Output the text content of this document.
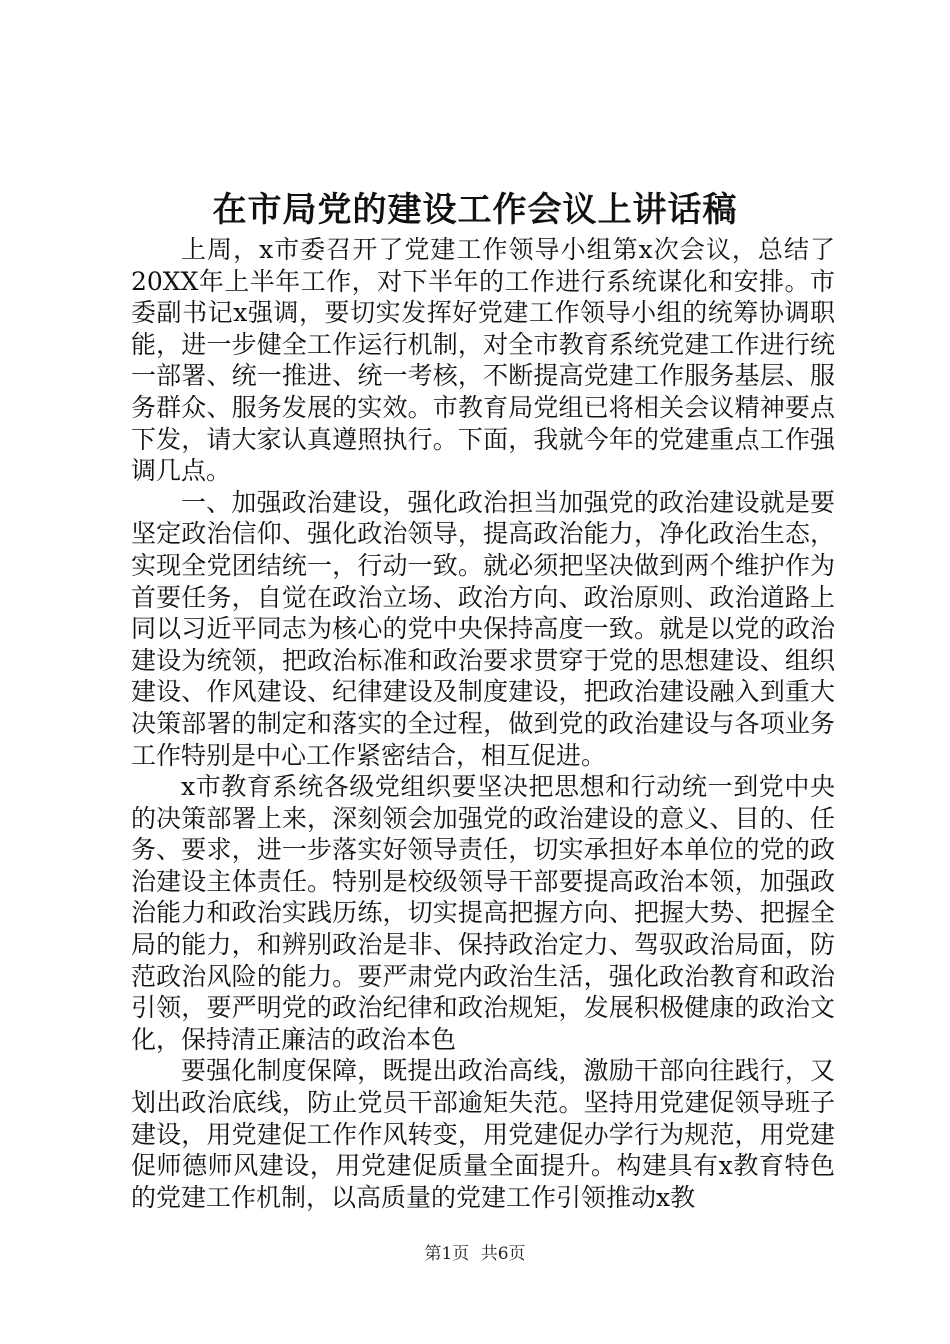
在市局党的建设工作会议上讲话稿

上周，x市委召开了党建工作领导小组第x次会议，总结了20XX年上半年工作，对下半年的工作进行系统谋化和安排。市委副书记x强调，要切实发挥好党建工作领导小组的统筹协调职能，进一步健全工作运行机制，对全市教育系统党建工作进行统一部署、统一推进、统一考核，不断提高党建工作服务基层、服务群众、服务发展的实效。市教育局党组已将相关会议精神要点下发，请大家认真遵照执行。下面，我就今年的党建重点工作强调几点。

一、加强政治建设，强化政治担当加强党的政治建设就是要坚定政治信仰、强化政治领导，提高政治能力，净化政治生态，实现全党团结统一，行动一致。就必须把坚决做到两个维护作为首要任务，自觉在政治立场、政治方向、政治原则、政治道路上同以习近平同志为核心的党中央保持高度一致。就是以党的政治建设为统领，把政治标准和政治要求贯穿于党的思想建设、组织建设、作风建设、纪律建设及制度建设，把政治建设融入到重大决策部署的制定和落实的全过程，做到党的政治建设与各项业务工作特别是中心工作紧密结合，相互促进。

x市教育系统各级党组织要坚决把思想和行动统一到党中央的决策部署上来，深刻领会加强党的政治建设的意义、目的、任务、要求，进一步落实好领导责任，切实承担好本单位的党的政治建设主体责任。特别是校级领导干部要提高政治本领，加强政治能力和政治实践历练，切实提高把握方向、把握大势、把握全局的能力，和辨别政治是非、保持政治定力、驾驭政治局面，防范政治风险的能力。要严肃党内政治生活，强化政治教育和政治引领，要严明党的政治纪律和政治规矩，发展积极健康的政治文化，保持清正廉洁的政治本色

要强化制度保障，既提出政治高线，激励干部向往践行，又划出政治底线，防止党员干部逾矩失范。坚持用党建促领导班子建设，用党建促工作作风转变，用党建促办学行为规范，用党建促师德师风建设，用党建促质量全面提升。构建具有x教育特色的党建工作机制，以高质量的党建工作引领推动x教

第1页 共6页
